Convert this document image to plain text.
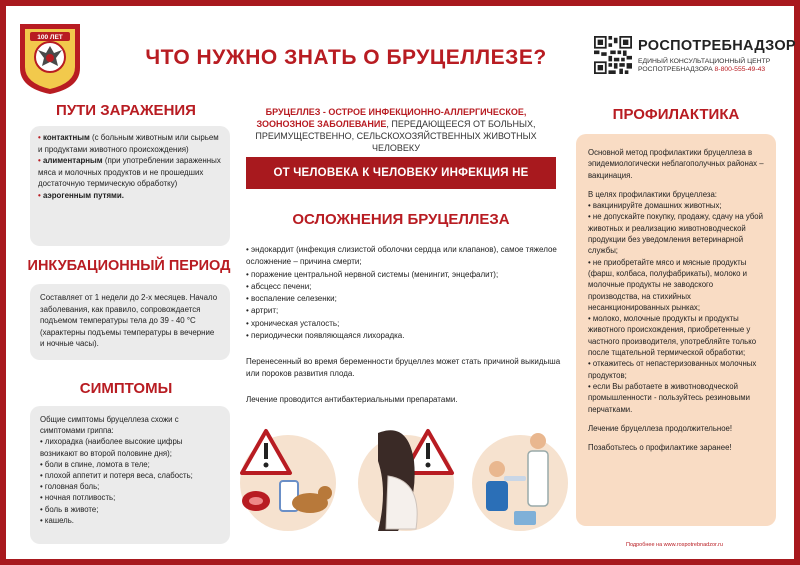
100 ЛЕТ
ЧТО НУЖНО ЗНАТЬ О БРУЦЕЛЛЕЗЕ?	РОСПОТРЕБНАДЗОР
ЕДИНЫЙ КОНСУЛЬТАЦИОННЫЙ ЦЕНТР
РОСПОТРЕБНАДЗОРА 8-800-555-49-43
ПУТИ ЗАРАЖЕНИЯ

• контактным (с больным животным или сырьем и продуктами животного происхождения)

• алиментарным (при употреблении зараженных мяса и молочных продуктов и не прошедших достаточную термическую обработку)

• аэрогенным путями.

ИНКУБАЦИОННЫЙ ПЕРИОД

Составляет от 1 недели до 2-х месяцев. Начало заболевания, как правило, сопровождается подъемом температуры тела до 39 - 40 °С (характерны подъемы температуры в вечерние и ночные часы).

СИМПТОМЫ

Общие симптомы бруцеллеза схожи с симптомами гриппа:

• лихорадка (наиболее высокие цифры возникают во второй половине дня);

• боли в спине, ломота в теле;

• плохой аппетит и потеря веса, слабость;

• головная боль;

• ночная потливость;

• боль в животе;

• кашель.

БРУЦЕЛЛЕЗ - ОСТРОЕ ИНФЕКЦИОННО-АЛЛЕРГИЧЕСКОЕ, ЗООНОЗНОЕ ЗАБОЛЕВАНИЕ, ПЕРЕДАЮЩЕЕСЯ ОТ БОЛЬНЫХ, ПРЕИМУЩЕСТВЕННО, СЕЛЬСКОХОЗЯЙСТВЕННЫХ ЖИВОТНЫХ ЧЕЛОВЕКУ
ОТ ЧЕЛОВЕКА К ЧЕЛОВЕКУ ИНФЕКЦИЯ НЕ ПЕРЕДАЁТСЯ
ОСЛОЖНЕНИЯ БРУЦЕЛЛЕЗА
• эндокардит (инфекция слизистой оболочки сердца или клапанов), самое тяжелое осложнение – причина смерти;
• поражение центральной нервной системы (менингит, энцефалит);
• абсцесс печени;
• воспаление селезенки;
• артрит;
• хроническая усталость;
• периодически появляющаяся лихорадка.

Перенесенный во время беременности бруцеллез может стать причиной выкидыша или пороков развития плода.

Лечение проводится антибактериальными препаратами.

ПРОФИЛАКТИКА

Основной метод профилактики бруцеллеза в эпидемиологически неблагополучных районах – вакцинация.

В целях профилактики бруцеллеза:

• вакцинируйте домашних животных;

• не допускайте покупку, продажу, сдачу на убой животных и реализацию животноводческой продукции без уведомления ветеринарной службы;

• не приобретайте мясо и мясные продукты (фарш, колбаса, полуфабрикаты), молоко и молочные продукты не заводского производства, на стихийных несанкционированных рынках;

• молоко, молочные продукты и продукты животного происхождения, приобретенные у частного производителя, употребляйте только после тщательной термической обработки;

• откажитесь от непастеризованных молочных продуктов;

• если Вы работаете в животноводческой промышленности - пользуйтесь резиновыми перчатками.

Лечение бруцеллеза продолжительное!

Позаботьтесь о профилактике заранее!

Подробнее на www.rospotrebnadzor.ru
